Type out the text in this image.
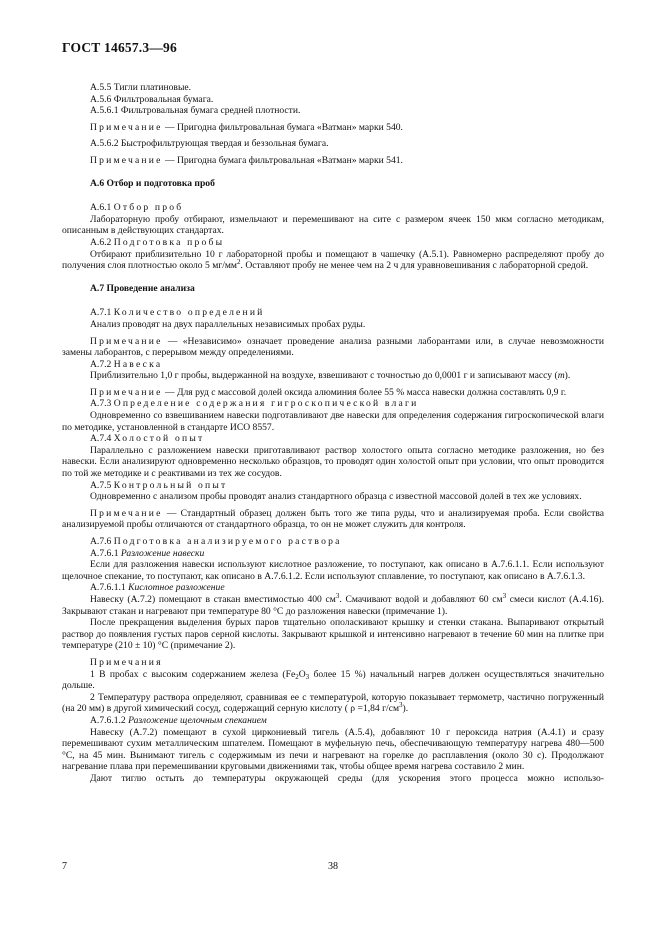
ГОСТ 14657.3—96

А.5.5 Тигли платиновые.

А.5.6 Фильтровальная бумага.

А.5.6.1 Фильтровальная бумага средней плотности.

Примечание — Пригодна фильтровальная бумага «Ватман» марки 540.

А.5.6.2 Быстрофильтрующая твердая и беззольная бумага.

Примечание — Пригодна бумага фильтровальная «Ватман» марки 541.

А.6 Отбор и подготовка проб

А.6.1 Отбор проб

Лабораторную пробу отбирают, измельчают и перемешивают на сите с размером ячеек 150 мкм согласно методикам, описанным в действующих стандартах.

А.6.2 Подготовка пробы

Отбирают приблизительно 10 г лабораторной пробы и помещают в чашечку (А.5.1). Равномерно распределяют пробу до получения слоя плотностью около 5 $мг/мм^2$. Оставляют пробу не менее чем на 2 ч для уравновешивания с лабораторной средой.

А.7 Проведение анализа

А.7.1 Количество определений

Анализ проводят на двух параллельных независимых пробах руды.

Примечание — «Независимо» означает проведение анализа разными лаборантами или, в случае невозможности замены лаборантов, с перерывом между определениями.

А.7.2 Навеска

Приблизительно 1,0 г пробы, выдержанной на воздухе, взвешивают с точностью до 0,0001 г и записывают массу (m).

Примечание — Для руд с массовой долей оксида алюминия более 55 % масса навески должна составлять 0,9 г.

А.7.3 Определение содержания гигроскопической влаги

Одновременно со взвешиванием навески подготавливают две навески для определения содержания гигроскопической влаги по методике, установленной в стандарте ИСО 8557.

А.7.4 Холостой опыт

Параллельно с разложением навески приготавливают раствор холостого опыта согласно методике разложения, но без навески. Если анализируют одновременно несколько образцов, то проводят один холостой опыт при условии, что опыт проводится по той же методике и с реактивами из тех же сосудов.

А.7.5 Контрольный опыт

Одновременно с анализом пробы проводят анализ стандартного образца с известной массовой долей в тех же условиях.

Примечание — Стандартный образец должен быть того же типа руды, что и анализируемая проба. Если свойства анализируемой пробы отличаются от стандартного образца, то он не может служить для контроля.

А.7.6 Подготовка анализируемого раствора

А.7.6.1 Разложение навески

Если для разложения навески используют кислотное разложение, то поступают, как описано в А.7.6.1.1. Если используют щелочное спекание, то поступают, как описано в А.7.6.1.2. Если используют сплавление, то поступают, как описано в А.7.6.1.3.

А.7.6.1.1 Кислотное разложение

Навеску (А.7.2) помещают в стакан вместимостью 400 $см^3$. Смачивают водой и добавляют 60 $см^3$ смеси кислот (А.4.16). Закрывают стакан и нагревают при температуре 80 °С до разложения навески (примечание 1).

После прекращения выделения бурых паров тщательно ополаскивают крышку и стенки стакана. Выпаривают открытый раствор до появления густых паров серной кислоты. Закрывают крышкой и интенсивно нагревают в течение 60 мин на плитке при температуре (210 ± 10) °С (примечание 2).

Примечания

1 В пробах с высоким содержанием железа ($Fe_2O_3$ более 15 %) начальный нагрев должен осуществляться значительно дольше.

2 Температуру раствора определяют, сравнивая ее с температурой, которую показывает термометр, частично погруженный (на 20 мм) в другой химический сосуд, содержащий серную кислоту ( ρ =1,84 $г/см^3$).

А.7.6.1.2 Разложение щелочным спеканием

Навеску (А.7.2) помещают в сухой циркониевый тигель (А.5.4), добавляют 10 г пероксида натрия (А.4.1) и сразу перемешивают сухим металлическим шпателем. Помещают в муфельную печь, обеспечивающую температуру нагрева 480—500 °С, на 45 мин. Вынимают тигель с содержимым из печи и нагревают на горелке до расплавления (около 30 с). Продолжают нагревание плава при перемешивании круговыми движениями так, чтобы общее время нагрева составило 2 мин.

Дают тиглю остыть до температуры окружающей среды (для ускорения этого процесса можно использо-

7	38
